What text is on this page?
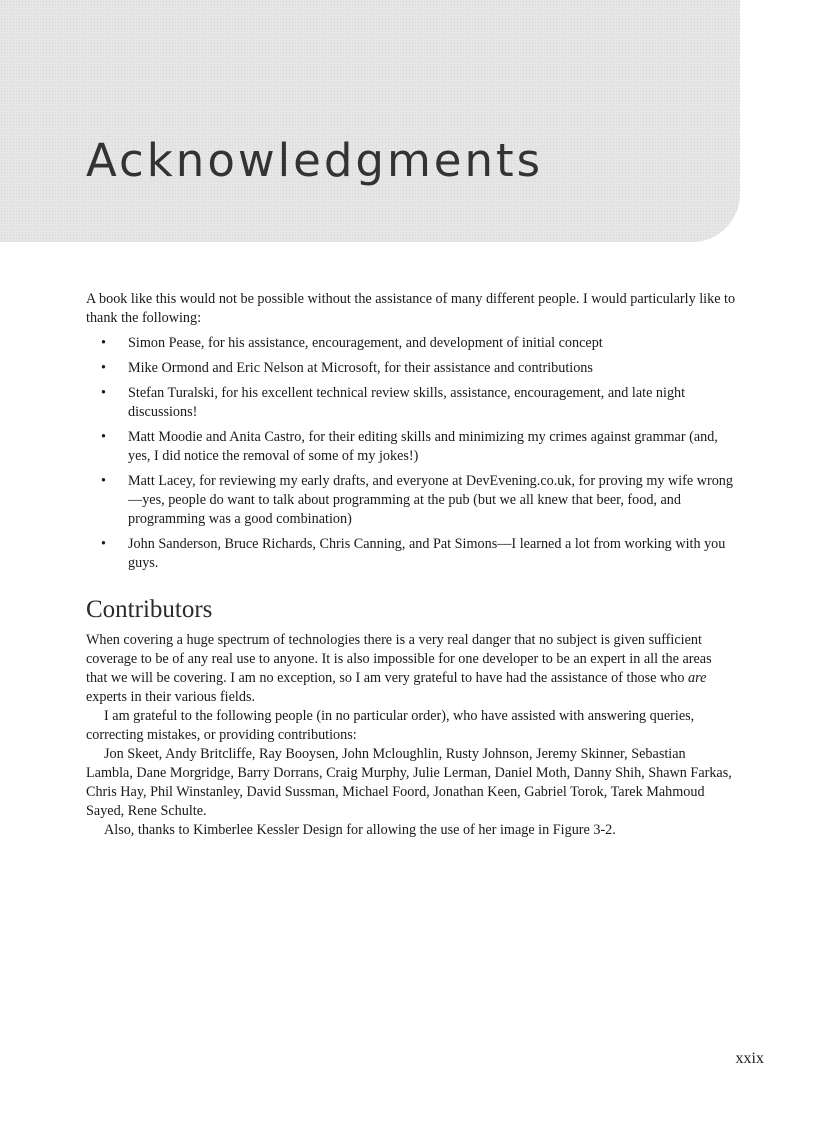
Acknowledgments

A book like this would not be possible without the assistance of many different people. I would particularly like to thank the following:

• Simon Pease, for his assistance, encouragement, and development of initial concept
• Mike Ormond and Eric Nelson at Microsoft, for their assistance and contributions
• Stefan Turalski, for his excellent technical review skills, assistance, encouragement, and late night discussions!
• Matt Moodie and Anita Castro, for their editing skills and minimizing my crimes against grammar (and, yes, I did notice the removal of some of my jokes!)
• Matt Lacey, for reviewing my early drafts, and everyone at DevEvening.co.uk, for proving my wife wrong—yes, people do want to talk about programming at the pub (but we all knew that beer, food, and programming was a good combination)
• John Sanderson, Bruce Richards, Chris Canning, and Pat Simons—I learned a lot from working with you guys.
Contributors

When covering a huge spectrum of technologies there is a very real danger that no subject is given sufficient coverage to be of any real use to anyone. It is also impossible for one developer to be an expert in all the areas that we will be covering. I am no exception, so I am very grateful to have had the assistance of those who are experts in their various fields.

I am grateful to the following people (in no particular order), who have assisted with answering queries, correcting mistakes, or providing contributions:

Jon Skeet, Andy Britcliffe, Ray Booysen, John Mcloughlin, Rusty Johnson, Jeremy Skinner, Sebastian Lambla, Dane Morgridge, Barry Dorrans, Craig Murphy, Julie Lerman, Daniel Moth, Danny Shih, Shawn Farkas, Chris Hay, Phil Winstanley, David Sussman, Michael Foord, Jonathan Keen, Gabriel Torok, Tarek Mahmoud Sayed, Rene Schulte.

Also, thanks to Kimberlee Kessler Design for allowing the use of her image in Figure 3-2.

xxix
